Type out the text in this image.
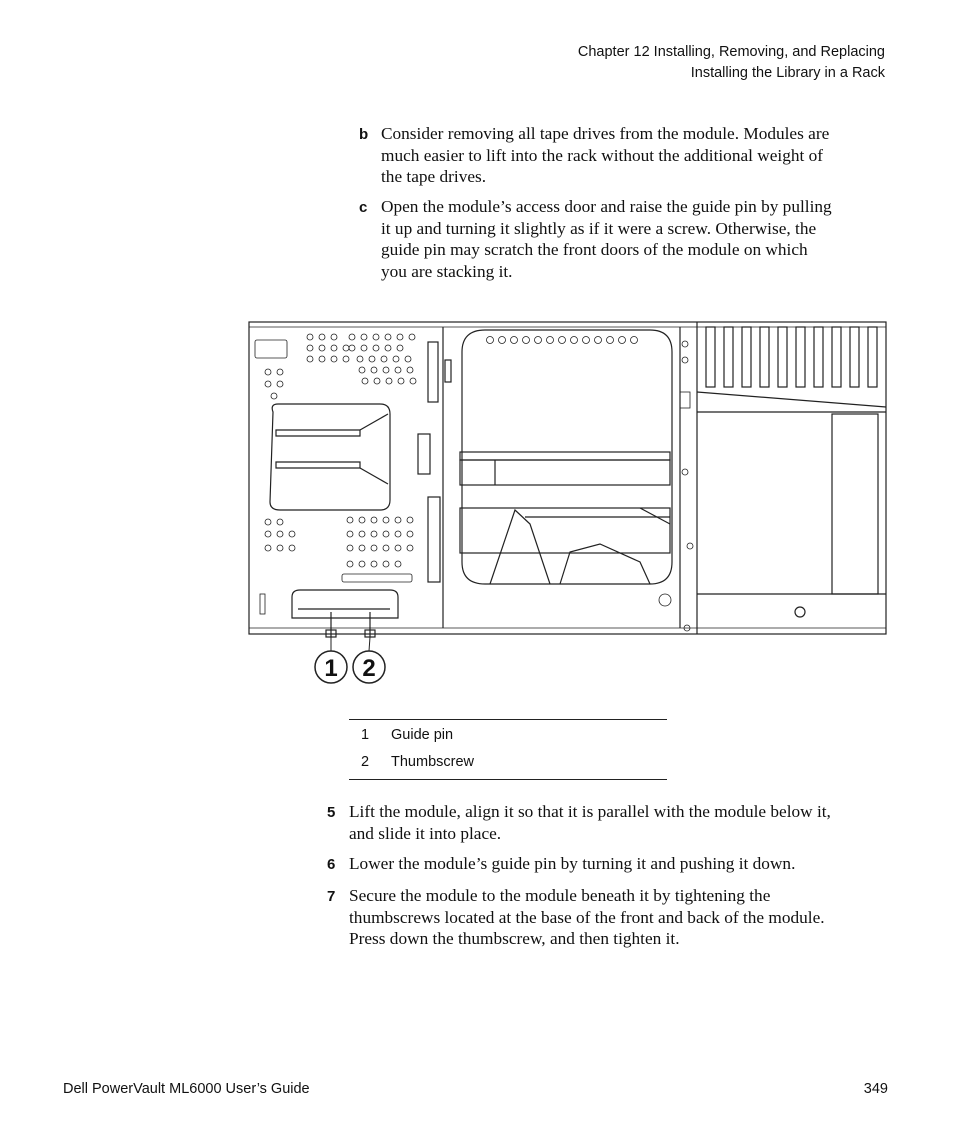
Chapter 12 Installing, Removing, and Replacing
Installing the Library in a Rack
b Consider removing all tape drives from the module. Modules are
much easier to lift into the rack without the additional weight of
the tape drives.
c Open the module’s access door and raise the guide pin by pulling
it up and turning it slightly as if it were a screw. Otherwise, the
guide pin may scratch the front doors of the module on which
you are stacking it.
1 2
1 Guide pin
2 Thumbscrew
5 Lift the module, align it so that it is parallel with the module below it,
and slide it into place.
6 Lower the module’s guide pin by turning it and pushing it down.
7 Secure the module to the module beneath it by tightening the
thumbscrews located at the base of the front and back of the module.
Press down the thumbscrew, and then tighten it.
Dell PowerVault ML6000 User’s Guide	349
